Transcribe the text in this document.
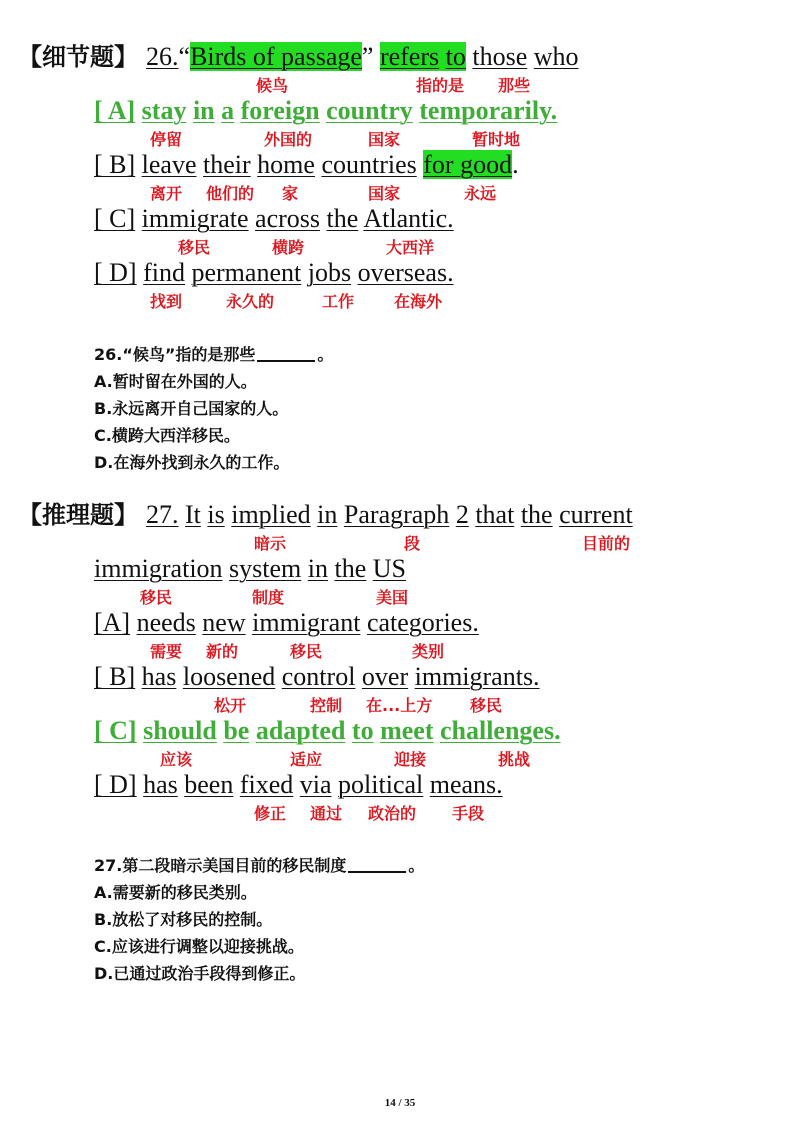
【细节题】 26.“Birds of passage” refers to those who
候鸟	指的是 那些
[ A] stay in a foreign country temporarily.
停留	外国的	国家	暂时地
[ B] leave their home countries for good.
离开 他们的 家	国家	永远
[ C] immigrate across the Atlantic.
移民	横跨	大西洋
[ D] find permanent jobs overseas.
找到	永久的	工作 在海外
26.“候鸟”指的是那些	。
A.暂时留在外国的人。
B.永远离开自己国家的人。
C.横跨大西洋移民。
D.在海外找到永久的工作。
【推理题】 27. It is implied in Paragraph 2 that the current
暗示	段	目前的
immigration system in the US
移民	制度	美国
[A] needs new immigrant categories.
需要 新的	移民	类别
[ B] has loosened control over immigrants.
松开	控制 在...上方 移民
[ C] should be adapted to meet challenges.
应该	适应	迎接	挑战
[ D] has been fixed via political means.
修正 通过 政治的 手段
27.第二段暗示美国目前的移民制度	。
A.需要新的移民类别。
B.放松了对移民的控制。
C.应该进行调整以迎接挑战。
D.已通过政治手段得到修正。
14 / 35
